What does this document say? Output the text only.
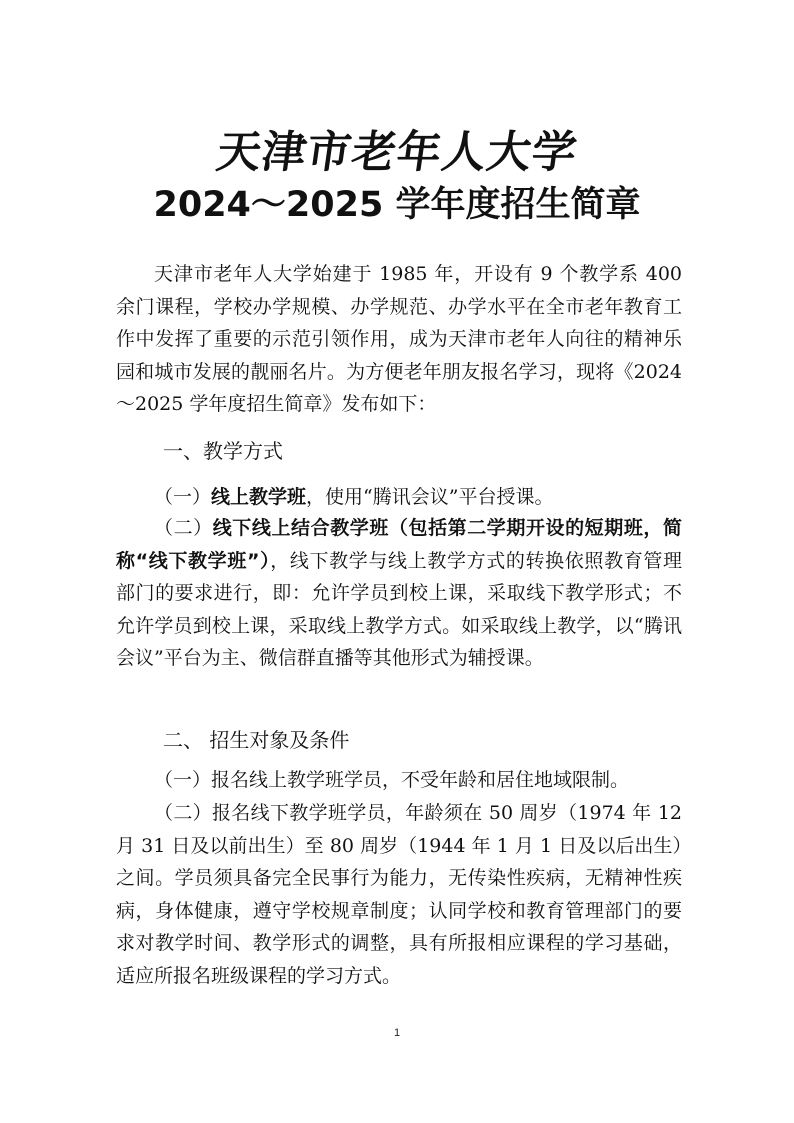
天津市老年人大学
2024～2025 学年度招生简章
天津市老年人大学始建于 1985 年，开设有 9 个教学系 400 余门课程，学校办学规模、办学规范、办学水平在全市老年教育工作中发挥了重要的示范引领作用，成为天津市老年人向往的精神乐园和城市发展的靓丽名片。为方便老年朋友报名学习，现将《2024～2025 学年度招生简章》发布如下：
一、教学方式
（一）线上教学班，使用“腾讯会议”平台授课。
（二）线下线上结合教学班（包括第二学期开设的短期班，简称“线下教学班”），线下教学与线上教学方式的转换依照教育管理部门的要求进行，即：允许学员到校上课，采取线下教学形式；不允许学员到校上课，采取线上教学方式。如采取线上教学，以“腾讯会议”平台为主、微信群直播等其他形式为辅授课。
二、 招生对象及条件
（一）报名线上教学班学员，不受年龄和居住地域限制。
（二）报名线下教学班学员，年龄须在 50 周岁（1974 年 12 月 31 日及以前出生）至 80 周岁（1944 年 1 月 1 日及以后出生）之间。学员须具备完全民事行为能力，无传染性疾病，无精神性疾病，身体健康，遵守学校规章制度；认同学校和教育管理部门的要求对教学时间、教学形式的调整，具有所报相应课程的学习基础，适应所报名班级课程的学习方式。
1
